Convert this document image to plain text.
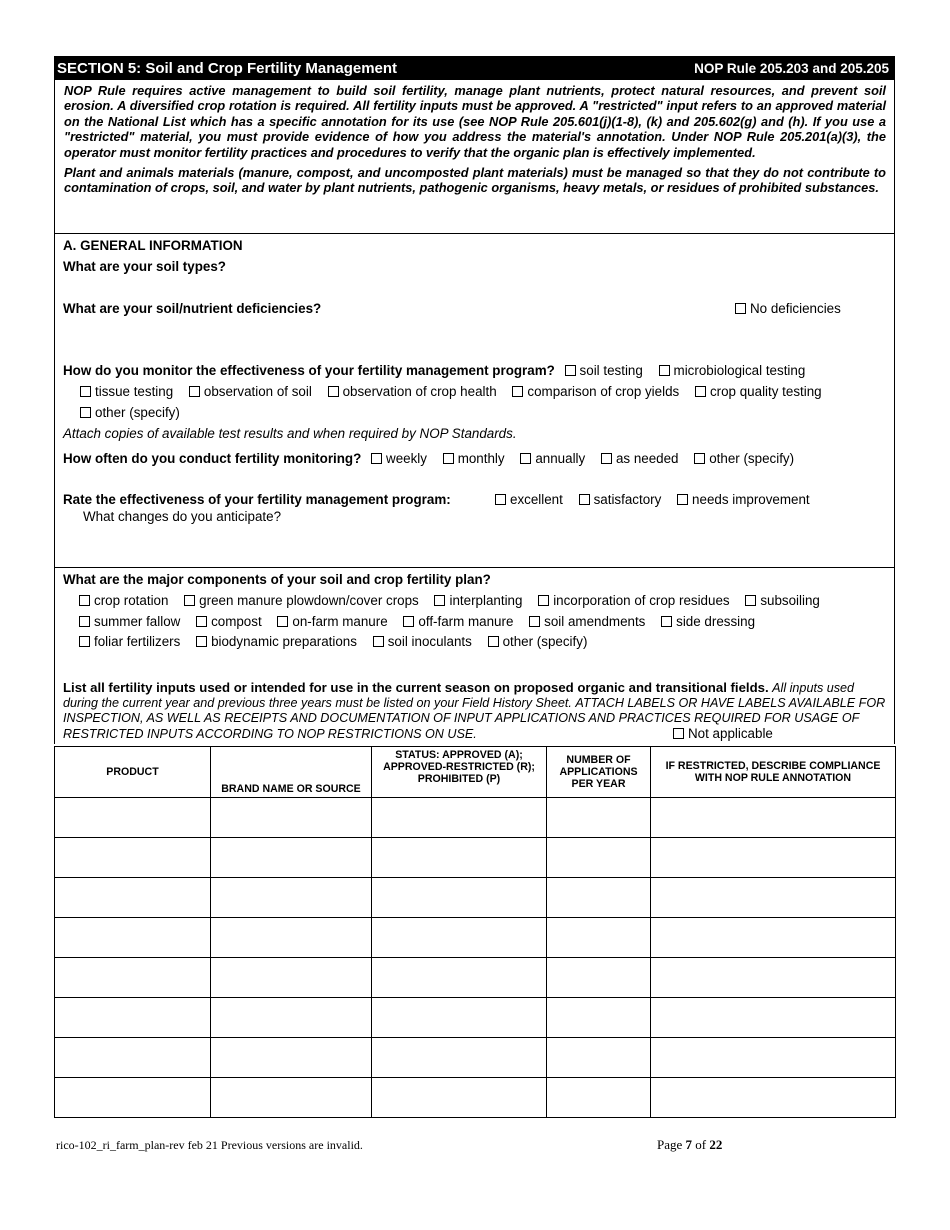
SECTION 5: Soil and Crop Fertility Management	NOP Rule 205.203 and 205.205

NOP Rule requires active management to build soil fertility, manage plant nutrients, protect natural resources, and prevent soil erosion. A diversified crop rotation is required. All fertility inputs must be approved. A "restricted" input refers to an approved material on the National List which has a specific annotation for its use (see NOP Rule 205.601(j)(1-8), (k) and 205.602(g) and (h). If you use a "restricted" material, you must provide evidence of how you address the material's annotation. Under NOP Rule 205.201(a)(3), the operator must monitor fertility practices and procedures to verify that the organic plan is effectively implemented.

Plant and animals materials (manure, compost, and uncomposted plant materials) must be managed so that they do not contribute to contamination of crops, soil, and water by plant nutrients, pathogenic organisms, heavy metals, or residues of prohibited substances.

A. GENERAL INFORMATION
What are your soil types?
What are your soil/nutrient deficiencies?	No deficiencies
How do you monitor the effectiveness of your fertility management program? soil testing microbiological testing
tissue testing observation of soil observation of crop health comparison of crop yields crop quality testing
other (specify)
Attach copies of available test results and when required by NOP Standards.
How often do you conduct fertility monitoring? weekly monthly annually as needed other (specify)
Rate the effectiveness of your fertility management program:	excellent satisfactory needs improvement
What changes do you anticipate?
What are the major components of your soil and crop fertility plan?
crop rotation green manure plowdown/cover crops interplanting incorporation of crop residues subsoiling
summer fallow compost on-farm manure off-farm manure soil amendments side dressing
foliar fertilizers biodynamic preparations soil inoculants other (specify)
List all fertility inputs used or intended for use in the current season on proposed organic and transitional fields. All inputs used during the current year and previous three years must be listed on your Field History Sheet. ATTACH LABELS OR HAVE LABELS AVAILABLE FOR INSPECTION, AS WELL AS RECEIPTS AND DOCUMENTATION OF INPUT APPLICATIONS AND PRACTICES REQUIRED FOR USAGE OF RESTRICTED INPUTS ACCORDING TO NOP RESTRICTIONS ON USE.	Not applicable
PRODUCT	BRAND NAME OR SOURCE	STATUS: APPROVED (A); APPROVED-RESTRICTED (R); PROHIBITED (P)	NUMBER OF APPLICATIONS PER YEAR	IF RESTRICTED, DESCRIBE COMPLIANCE WITH NOP RULE ANNOTATION

rico-102_ri_farm_plan-rev feb 21 Previous versions are invalid.	Page 7 of 22
